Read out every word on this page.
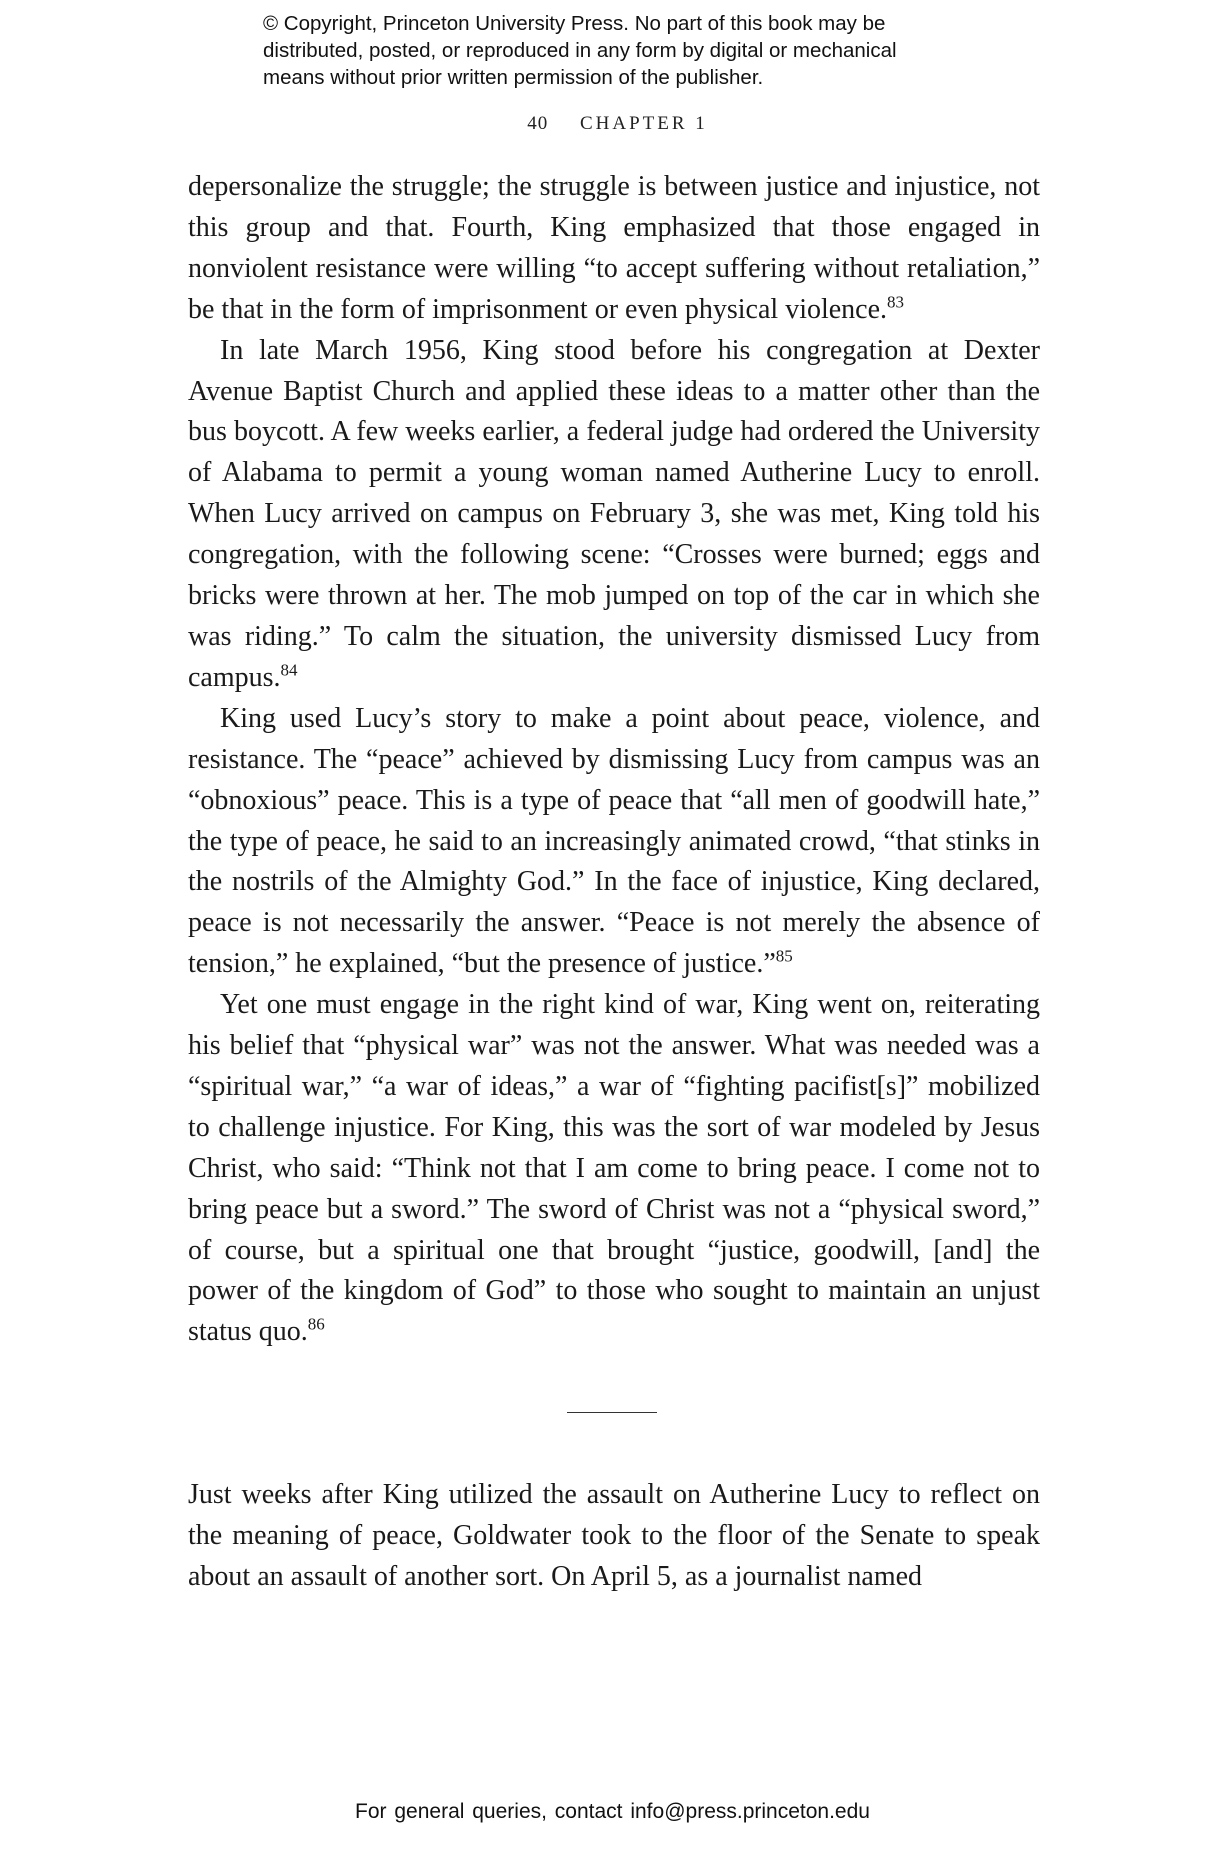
© Copyright, Princeton University Press. No part of this book may be
distributed, posted, or reproduced in any form by digital or mechanical
means without prior written permission of the publisher.
40 CHAPTER 1

depersonalize the struggle; the struggle is between justice and injustice, not this group and that. Fourth, King emphasized that those engaged in nonviolent resistance were willing “to accept suffering without retaliation,” be that in the form of imprisonment or even physical violence.$^{83}$

In late March 1956, King stood before his congregation at Dexter Avenue Baptist Church and applied these ideas to a matter other than the bus boycott. A few weeks earlier, a federal judge had ordered the University of Alabama to permit a young woman named Autherine Lucy to enroll. When Lucy arrived on campus on February 3, she was met, King told his congregation, with the following scene: “Crosses were burned; eggs and bricks were thrown at her. The mob jumped on top of the car in which she was riding.” To calm the situation, the university dismissed Lucy from campus.$^{84}$

King used Lucy’s story to make a point about peace, violence, and resistance. The “peace” achieved by dismissing Lucy from campus was an “obnoxious” peace. This is a type of peace that “all men of goodwill hate,” the type of peace, he said to an increasingly animated crowd, “that stinks in the nostrils of the Almighty God.” In the face of injustice, King declared, peace is not necessarily the answer. “Peace is not merely the absence of tension,” he explained, “but the presence of justice.”$^{85}$

Yet one must engage in the right kind of war, King went on, reiterating his belief that “physical war” was not the answer. What was needed was a “spiritual war,” “a war of ideas,” a war of “fighting pacifist[s]” mobilized to challenge injustice. For King, this was the sort of war modeled by Jesus Christ, who said: “Think not that I am come to bring peace. I come not to bring peace but a sword.” The sword of Christ was not a “physical sword,” of course, but a spiritual one that brought “justice, goodwill, [and] the power of the kingdom of God” to those who sought to maintain an unjust status quo.$^{86}$

Just weeks after King utilized the assault on Autherine Lucy to reflect on the meaning of peace, Goldwater took to the floor of the Senate to speak about an assault of another sort. On April 5, as a journalist named

For general queries, contact info@press.princeton.edu
